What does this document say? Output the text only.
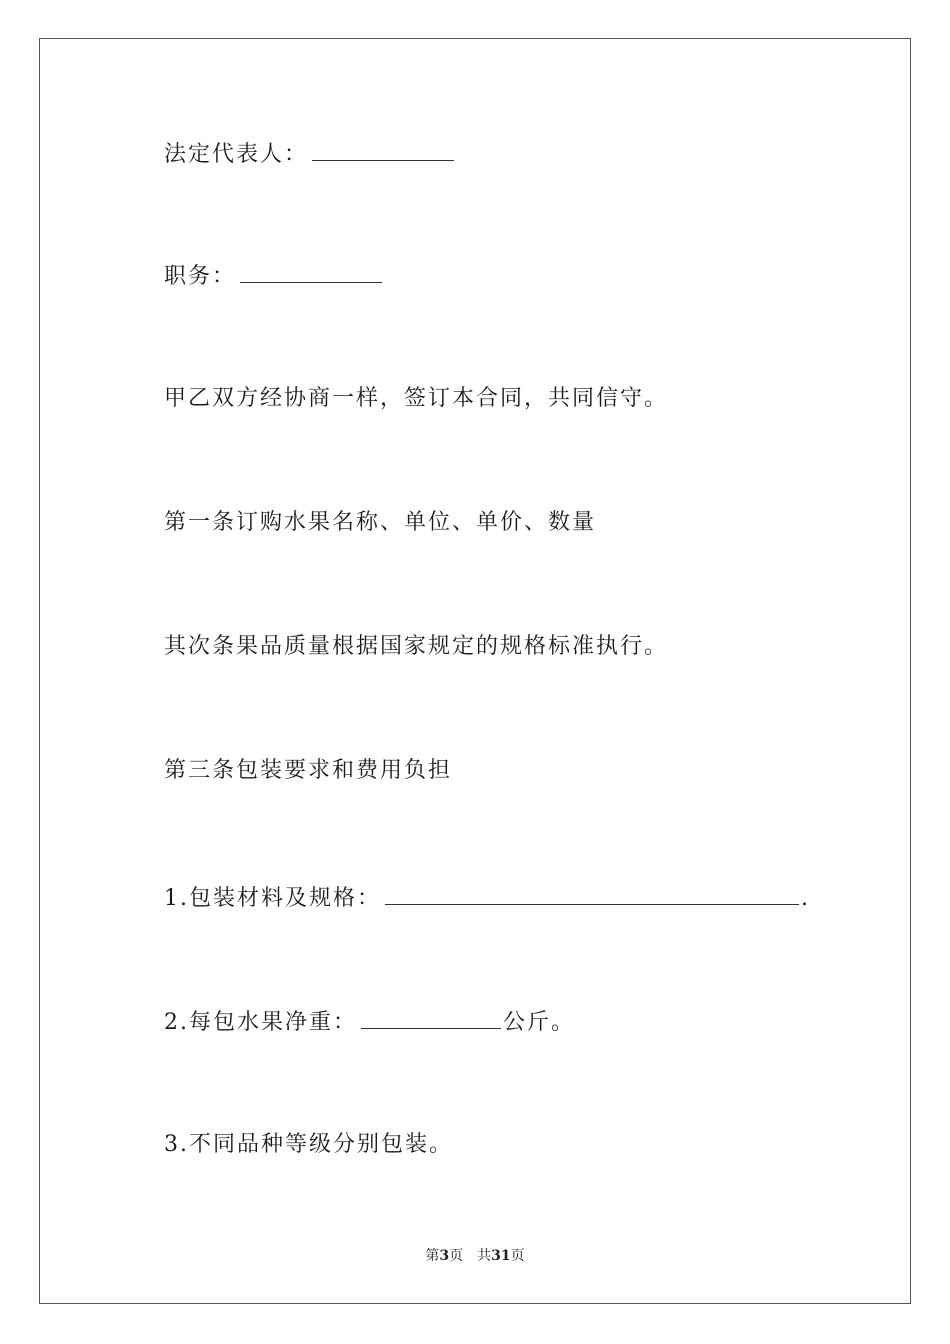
法定代表人：
职务：
甲乙双方经协商一样，签订本合同，共同信守。
第一条订购水果名称、单位、单价、数量
其次条果品质量根据国家规定的规格标准执行。
第三条包装要求和费用负担
1.包装材料及规格：	.
2.每包水果净重：	公斤。
3.不同品种等级分别包装。
第3页 共31页
